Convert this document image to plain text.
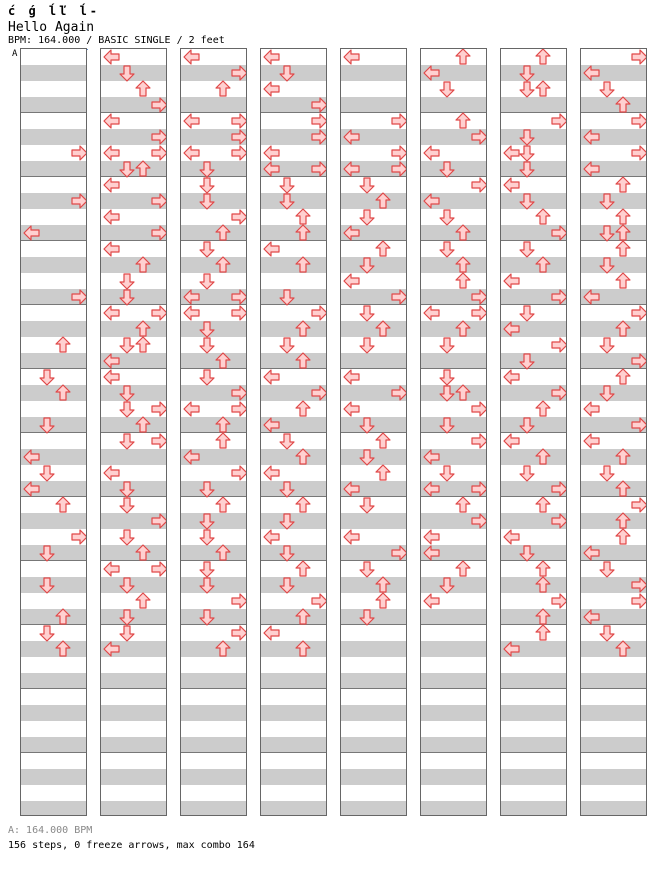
ć ǵ ĺľ ĺ-
Hello Again
BPM: 164.000 / BASIC SINGLE / 2 feet
A
A: 164.000 BPM
156 steps, 0 freeze arrows, max combo 164
